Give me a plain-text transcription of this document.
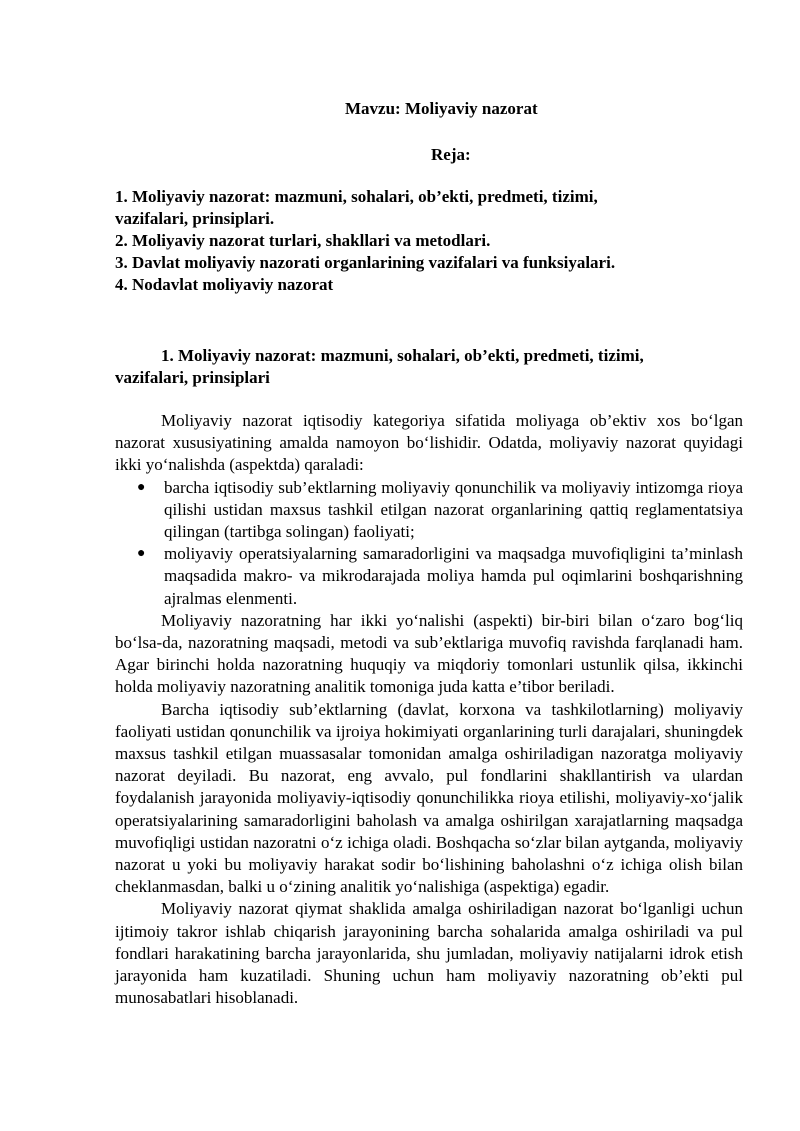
Mavzu: Moliyaviy nazorat
Reja:
1. Moliyaviy nazorat: mazmuni, sohalari, ob’ekti, predmeti, tizimi,
vazifalari, prinsiplari.
2. Moliyaviy nazorat turlari, shakllari va metodlari.
3. Davlat moliyaviy nazorati organlarining vazifalari va funksiyalari.
4. Nodavlat moliyaviy nazorat
1. Moliyaviy nazorat: mazmuni, sohalari, ob’ekti, predmeti, tizimi,
vazifalari, prinsiplari

Moliyaviy nazorat iqtisodiy kategoriya sifatida moliyaga ob’ektiv xos bo‘lgan nazorat xususiyatining amalda namoyon bo‘lishidir. Odatda, moliyaviy nazorat quyidagi ikki yo‘nalishda (aspektda) qaraladi:

● barcha iqtisodiy sub’ektlarning moliyaviy qonunchilik va moliyaviy intizomga rioya qilishi ustidan maxsus tashkil etilgan nazorat organlarining qattiq reglamentatsiya qilingan (tartibga solingan) faoliyati;
● moliyaviy operatsiyalarning samaradorligini va maqsadga muvofiqligini ta’minlash maqsadida makro- va mikrodarajada moliya hamda pul oqimlarini boshqarishning ajralmas elenmenti.

Moliyaviy nazoratning har ikki yo‘nalishi (aspekti) bir-biri bilan o‘zaro bog‘liq bo‘lsa-da, nazoratning maqsadi, metodi va sub’ektlariga muvofiq ravishda farqlanadi ham. Agar birinchi holda nazoratning huquqiy va miqdoriy tomonlari ustunlik qilsa, ikkinchi holda moliyaviy nazoratning analitik tomoniga juda katta e’tibor beriladi.

Barcha iqtisodiy sub’ektlarning (davlat, korxona va tashkilotlarning) moliyaviy faoliyati ustidan qonunchilik va ijroiya hokimiyati organlarining turli darajalari, shuningdek maxsus tashkil etilgan muassasalar tomonidan amalga oshiriladigan nazoratga moliyaviy nazorat deyiladi. Bu nazorat, eng avvalo, pul fondlarini shakllantirish va ulardan foydalanish jarayonida moliyaviy-iqtisodiy qonunchilikka rioya etilishi, moliyaviy-xo‘jalik operatsiyalarining samaradorligini baholash va amalga oshirilgan xarajatlarning maqsadga muvofiqligi ustidan nazoratni o‘z ichiga oladi. Boshqacha so‘zlar bilan aytganda, moliyaviy nazorat u yoki bu moliyaviy harakat sodir bo‘lishining baholashni o‘z ichiga olish bilan cheklanmasdan, balki u o‘zining analitik yo‘nalishiga (aspektiga) egadir.

Moliyaviy nazorat qiymat shaklida amalga oshiriladigan nazorat bo‘lganligi uchun ijtimoiy takror ishlab chiqarish jarayonining barcha sohalarida amalga oshiriladi va pul fondlari harakatining barcha jarayonlarida, shu jumladan, moliyaviy natijalarni idrok etish jarayonida ham kuzatiladi. Shuning uchun ham moliyaviy nazoratning ob’ekti pul munosabatlari hisoblanadi.
